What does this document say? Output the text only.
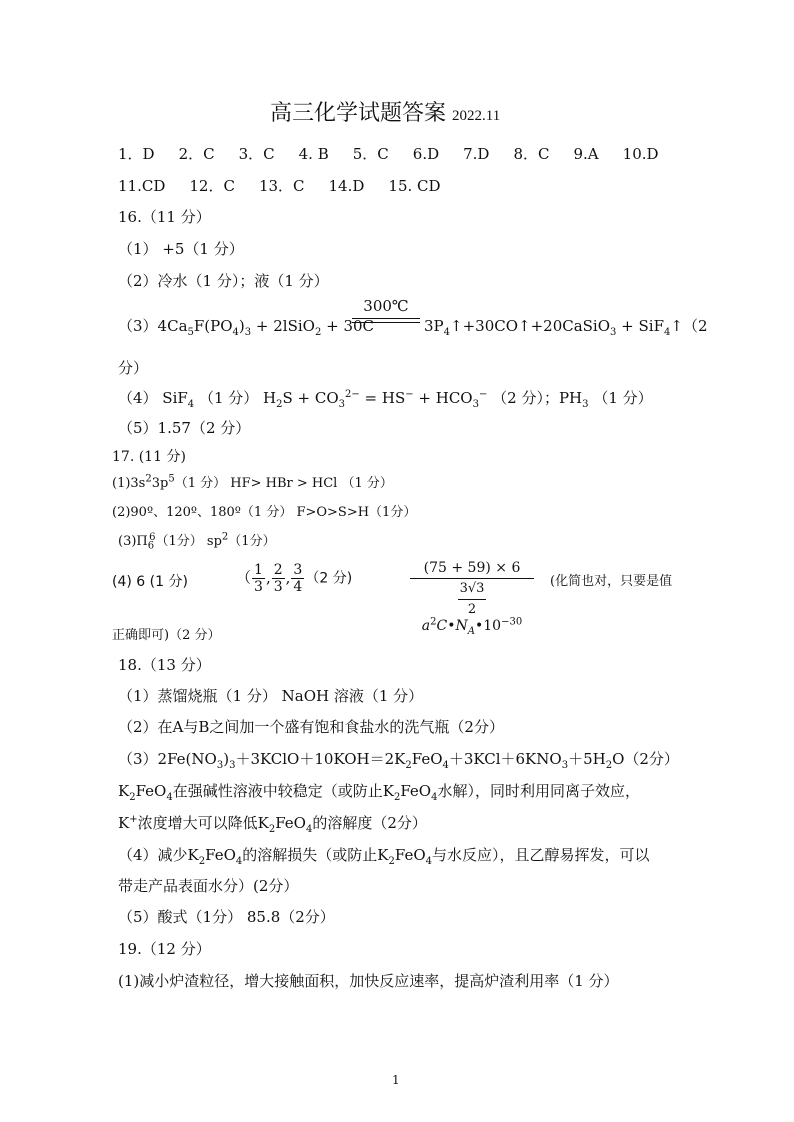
高三化学试题答案 2022.11
1．D 2．C 3．C 4. B 5．C 6.D 7.D 8．C 9.A 10.D
11.CD 12．C 13．C 14.D 15. CD
16.（11 分）
（1） +5（1 分）
（2）冷水（1 分）；液（1 分）
300℃
$(3)4Ca_5F(PO_4)_3$ + 2lSiO$_2$ + 30C	$3P_4↑+30CO↑+20CaSiO_3$ + SiF$_4$↑（2
分）
（4） SiF$_4$ （1 分） $H_2S + CO_3^{2-} = HS^- + HCO_3^-$ （2 分）；$PH_3$ （1 分）
（5）1.57（2 分）
17. (11 分)
$(1)3s^23p^5(1$ 分） HF> HBr > HCl （1 分）
(2)90º、120º、180º（1 分） F>O>S>H（1分）
$(3)\Pi_6^6(1$分） $sp^2(1$分）
(4) 6 (1 分)	（ $\frac{1}{3}$ , $\frac{2}{3}$ , $\frac{3}{4} (2$ 分)	(75 + 59) × 6
$\frac{3√3}{2}$
$a^2C•N_A•10^{-30}$ (化简也对，只要是值
正确即可)（2 分）
18.（13 分）
（1）蒸馏烧瓶（1 分） NaOH 溶液（1 分）
（2）在A与B之间加一个盛有饱和食盐水的洗气瓶（2分）
$(3)2Fe(NO_3)_3+3KClO+10KOH=2K_2FeO_4+3KCl+6KNO_3+5H_2O(2$分）
$K_2FeO_4$在强碱性溶液中较稳定（或防止$K_2FeO_4$水解），同时利用同离子效应，
K+浓度增大可以降低$K_2FeO_4$的溶解度（2分）
（4）减少$K_2FeO_4$的溶解损失（或防止$K_2FeO_4$与水反应），且乙醇易挥发，可以
带走产品表面水分）(2分）
（5）酸式（1分） 85.8（2分）
19.（12 分）
(1)减小炉渣粒径，增大接触面积，加快反应速率，提高炉渣利用率（1 分）
1
